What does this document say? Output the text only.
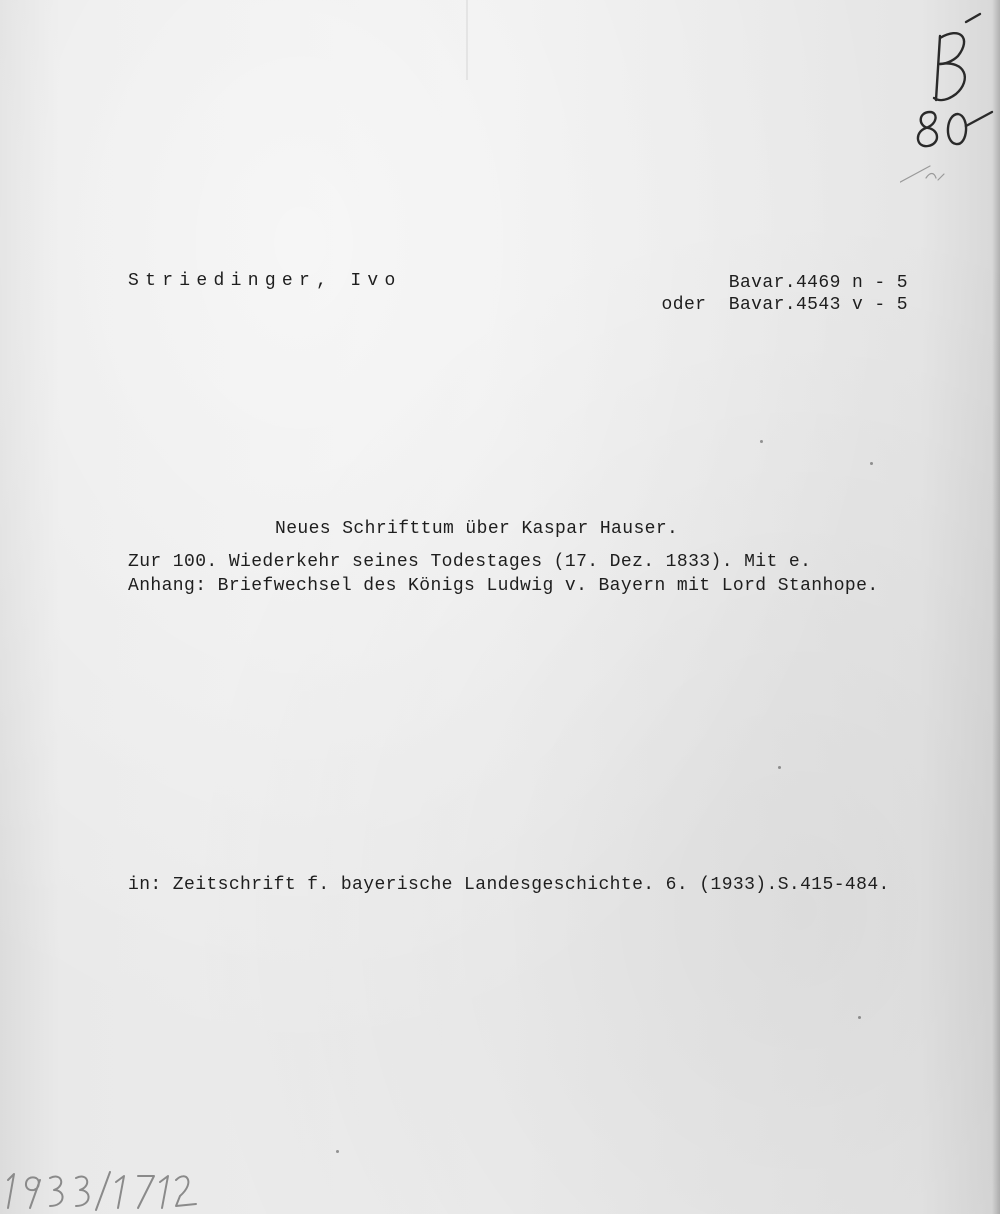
Striedinger, Ivo	Bavar.4469 n - 5
oder  Bavar.4543 v - 5
Neues Schrifttum über Kaspar Hauser.
Zur 100. Wiederkehr seines Todestages (17. Dez. 1833). Mit e.
Anhang: Briefwechsel des Königs Ludwig v. Bayern mit Lord Stanhope.
in: Zeitschrift f. bayerische Landesgeschichte. 6. (1933).S.415-484.
